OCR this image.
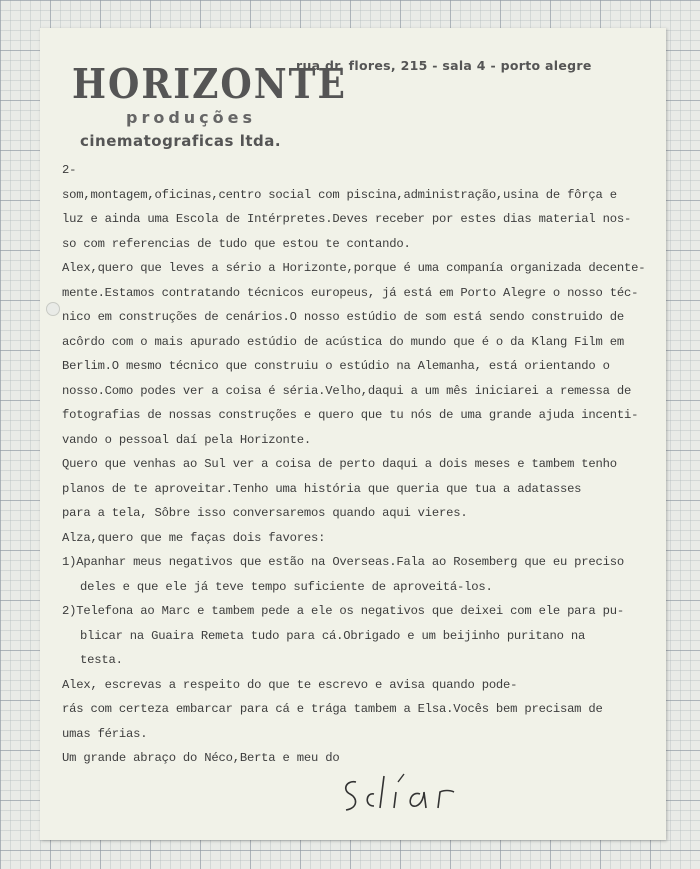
HORIZONTE
produções
cinematograficas ltda.
rua dr. flores, 215 - sala 4 - porto alegre
2-
som,montagem,oficinas,centro social com piscina,administração,usina de fôrça e
luz e ainda uma Escola de Intérpretes.Deves receber por estes dias material nos-
so com referencias de tudo que estou te contando.
Alex,quero que leves a sério a Horizonte,porque é uma companía organizada decente-
mente.Estamos contratando técnicos europeus, já está em Porto Alegre o nosso téc-
nico em construções de cenários.O nosso estúdio de som está sendo construido de
acôrdo com o mais apurado estúdio de acústica do mundo que é o da Klang Film em
Berlim.O mesmo técnico que construiu o estúdio na Alemanha, está orientando o
nosso.Como podes ver a coisa é séria.Velho,daqui a um mês iniciarei a remessa de
fotografias de nossas construções e quero que tu nós de uma grande ajuda incenti-
vando o pessoal daí pela Horizonte.
Quero que venhas ao Sul ver a coisa de perto daqui a dois meses e tambem tenho
planos de te aproveitar.Tenho uma história que queria que tua a adatasses
para a tela, Sôbre isso conversaremos quando aqui vieres.
Alza,quero que me faças dois favores:
1)Apanhar meus negativos que estão na Overseas.Fala ao Rosemberg que eu preciso
deles e que ele já teve tempo suficiente de aproveitá-los.
2)Telefona ao Marc e tambem pede a ele os negativos que deixei com ele para pu-
blicar na Guaira Remeta tudo para cá.Obrigado e um beijinho puritano na
testa.
Alex, escrevas a respeito do que te escrevo e avisa quando pode-
rás com certeza embarcar para cá e trága tambem a Elsa.Vocês bem precisam de
umas férias.
Um grande abraço do Néco,Berta e meu do
